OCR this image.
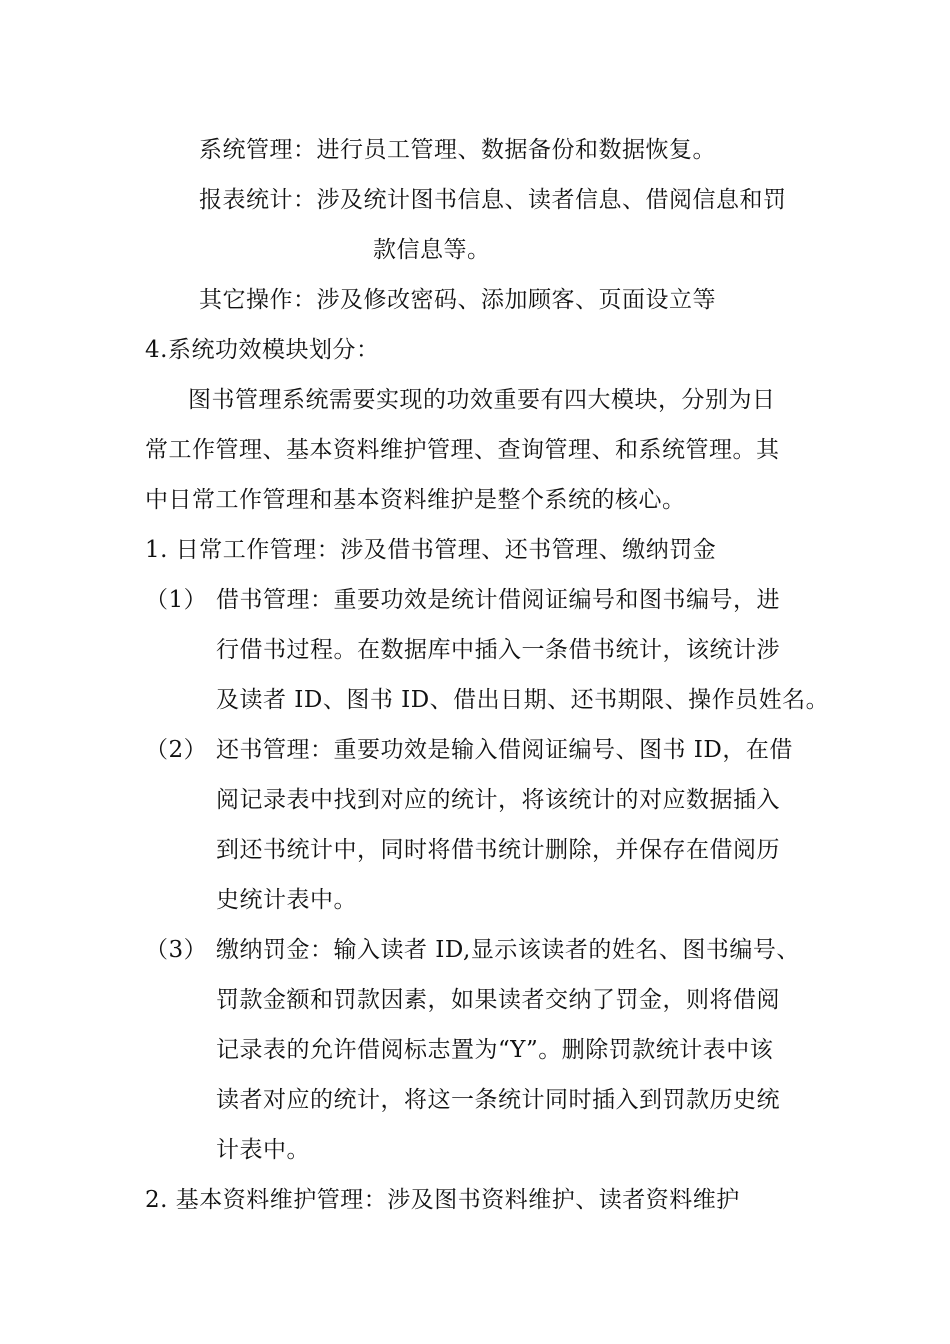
系统管理：进行员工管理、数据备份和数据恢复。
报表统计：涉及统计图书信息、读者信息、借阅信息和罚
款信息等。
其它操作：涉及修改密码、添加顾客、页面设立等
4.系统功效模块划分：
图书管理系统需要实现的功效重要有四大模块，分别为日
常工作管理、基本资料维护管理、查询管理、和系统管理。其
中日常工作管理和基本资料维护是整个系统的核心。
1. 日常工作管理：涉及借书管理、还书管理、缴纳罚金
（1） 借书管理：重要功效是统计借阅证编号和图书编号，进
行借书过程。在数据库中插入一条借书统计，该统计涉
及读者 ID、图书 ID、借出日期、还书期限、操作员姓名。
（2） 还书管理：重要功效是输入借阅证编号、图书 ID，在借
阅记录表中找到对应的统计，将该统计的对应数据插入
到还书统计中，同时将借书统计删除，并保存在借阅历
史统计表中。
（3） 缴纳罚金：输入读者 ID,显示该读者的姓名、图书编号、
罚款金额和罚款因素，如果读者交纳了罚金，则将借阅
记录表的允许借阅标志置为“Y”。删除罚款统计表中该
读者对应的统计，将这一条统计同时插入到罚款历史统
计表中。
2. 基本资料维护管理：涉及图书资料维护、读者资料维护
